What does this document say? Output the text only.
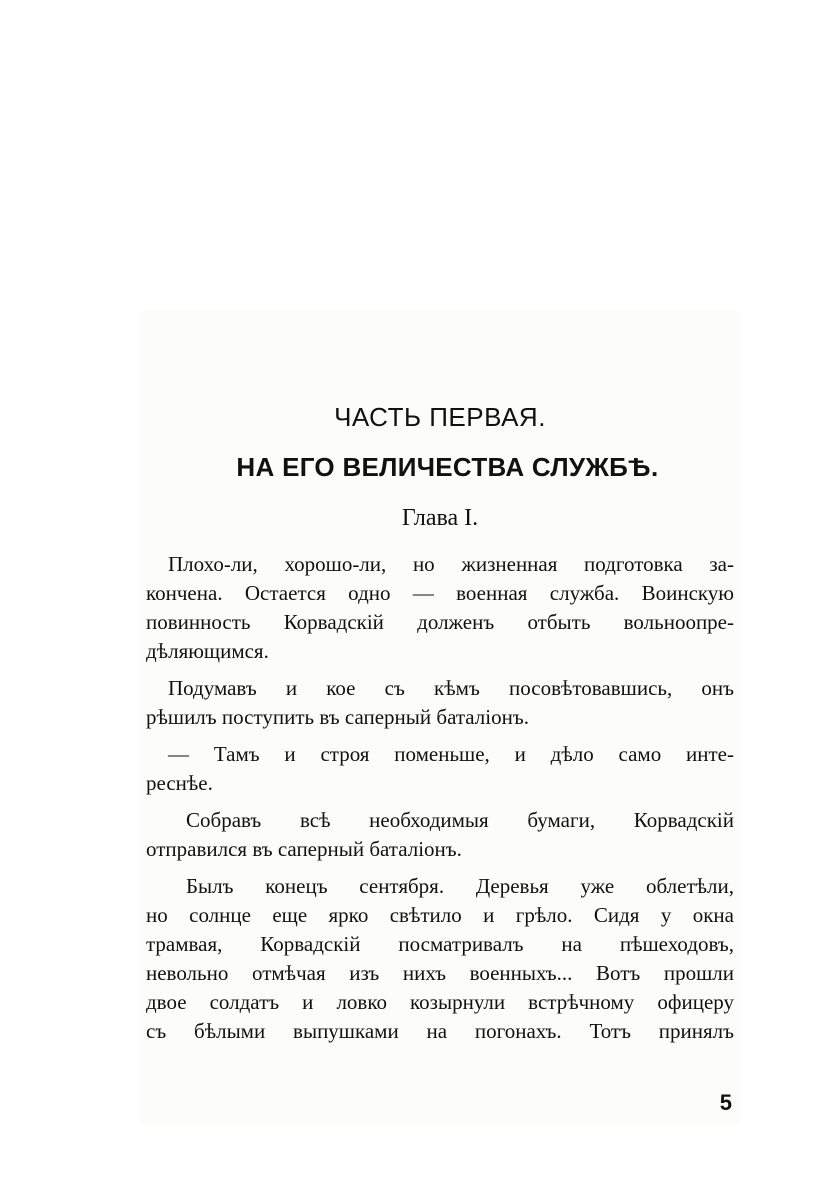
ЧАСТЬ ПЕРВАЯ.
НА ЕГО ВЕЛИЧЕСТВА СЛУЖБѢ.
Глава I.
Плохо-ли, хорошо-ли, но жизненная подготовка за-
кончена. Остается одно — военная служба. Воинскую
повинность Корвадскій долженъ отбыть вольноопре-
дѣляющимся.
Подумавъ и кое съ кѣмъ посовѣтовавшись, онъ
рѣшилъ поступить въ саперный баталіонъ.
— Тамъ и строя поменьше, и дѣло само инте-
реснѣе.
Собравъ всѣ необходимыя бумаги, Корвадскій
отправился въ саперный баталіонъ.
Былъ конецъ сентября. Деревья уже облетѣли,
но солнце еще ярко свѣтило и грѣло. Сидя у окна
трамвая, Корвадскій посматривалъ на пѣшеходовъ,
невольно отмѣчая изъ нихъ военныхъ... Вотъ прошли
двое солдатъ и ловко козырнули встрѣчному офицеру
съ бѣлыми выпушками на погонахъ. Тотъ принялъ
5
